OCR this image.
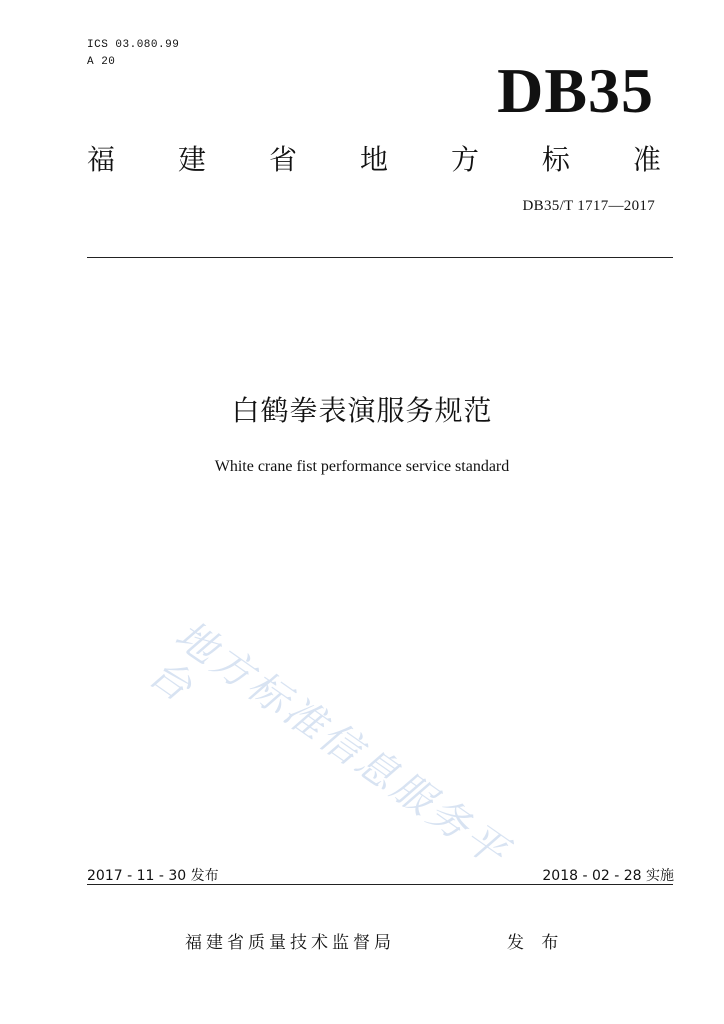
ICS 03.080.99
A 20	DB35
福 建 省 地 方 标 准
DB35/T 1717—2017
白鹤拳表演服务规范
White crane fist performance service standard
地方标准信息服务平台
2017 - 11 - 30 发布	2018 - 02 - 28 实施
福建省质量技术监督局	发 布
